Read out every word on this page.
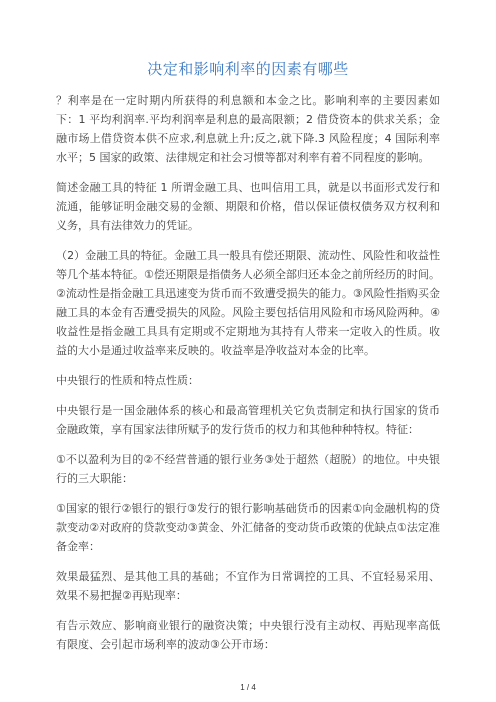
决定和影响利率的因素有哪些

？利率是在一定时期内所获得的利息额和本金之比。影响利率的主要因素如下：1 平均利润率.平均利润率是利息的最高限额；2 借贷资本的供求关系；金融市场上借贷资本供不应求,利息就上升;反之,就下降.3 风险程度；4 国际利率水平；5 国家的政策、法律规定和社会习惯等都对利率有着不同程度的影响。

简述金融工具的特征 1 所谓金融工具、也叫信用工具，就是以书面形式发行和流通，能够证明金融交易的金额、期限和价格，借以保证债权债务双方权利和义务，具有法律效力的凭证。

（2）金融工具的特征。金融工具一般具有偿还期限、流动性、风险性和收益性等几个基本特征。①偿还期限是指债务人必须全部归还本金之前所经历的时间。②流动性是指金融工具迅速变为货币而不致遭受损失的能力。③风险性指购买金融工具的本金有否遭受损失的风险。风险主要包括信用风险和市场风险两种。④收益性是指金融工具具有定期或不定期地为其持有人带来一定收入的性质。收益的大小是通过收益率来反映的。收益率是净收益对本金的比率。

中央银行的性质和特点性质：

中央银行是一国金融体系的核心和最高管理机关它负责制定和执行国家的货币金融政策，享有国家法律所赋予的发行货币的权力和其他种种特权。特征：

①不以盈利为目的②不经营普通的银行业务③处于超然（超脱）的地位。中央银行的三大职能：

①国家的银行②银行的银行③发行的银行影响基础货币的因素①向金融机构的贷款变动②对政府的贷款变动③黄金、外汇储备的变动货币政策的优缺点①法定准备金率：

效果最猛烈、是其他工具的基础；不宜作为日常调控的工具、不宜轻易采用、效果不易把握②再贴现率：

有告示效应、影响商业银行的融资决策；中央银行没有主动权、再贴现率高低有限度、会引起市场利率的波动③公开市场：

1 / 4
